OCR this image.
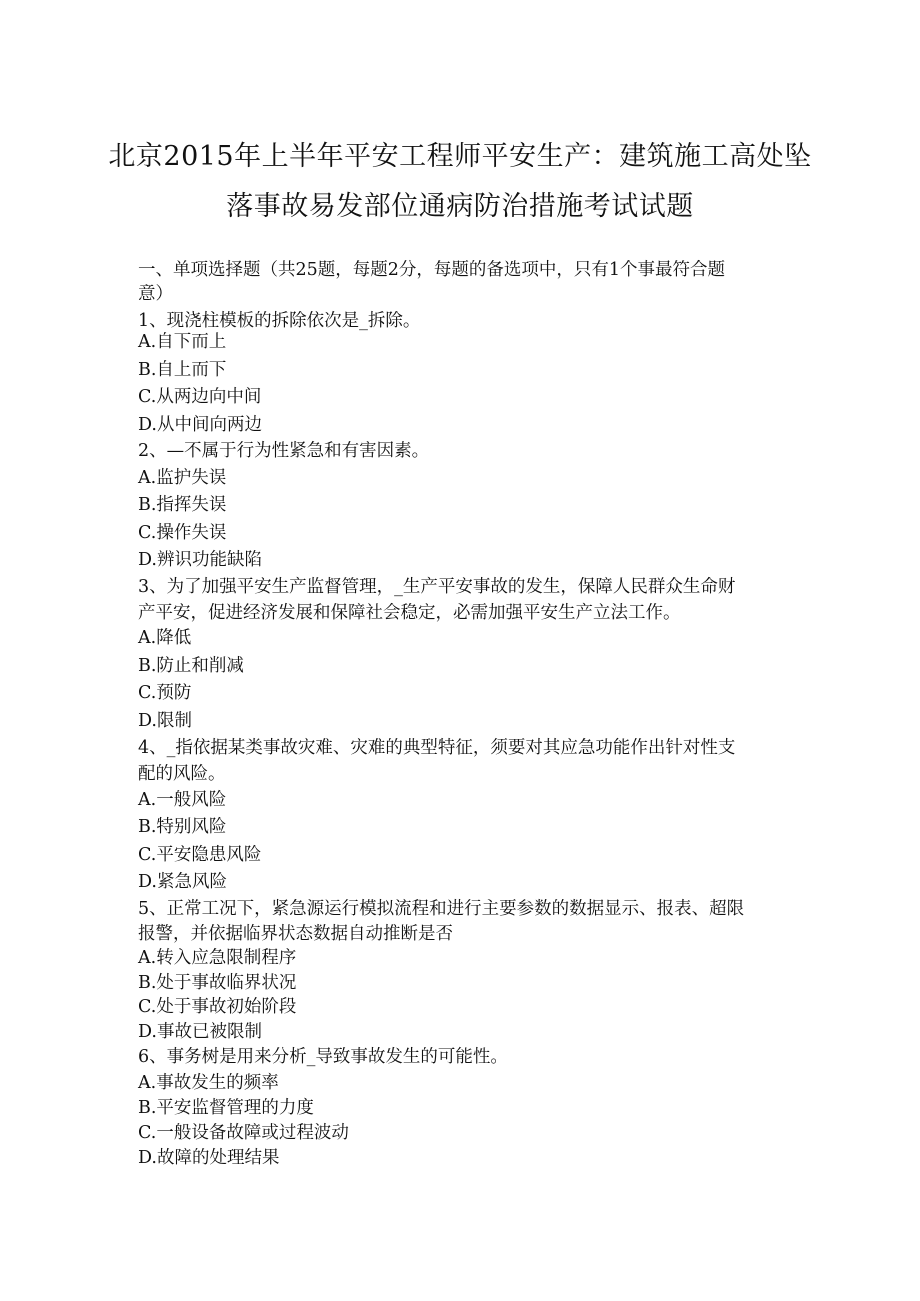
北京2015年上半年平安工程师平安生产：建筑施工高处坠
落事故易发部位通病防治措施考试试题
一、单项选择题（共25题，每题2分，每题的备选项中，只有1个事最符合题
意）
1、现浇柱模板的拆除依次是_拆除。
A.自下而上
B.自上而下
C.从两边向中间
D.从中间向两边
2、—不属于行为性紧急和有害因素。
A.监护失误
B.指挥失误
C.操作失误
D.辨识功能缺陷
3、为了加强平安生产监督管理，_生产平安事故的发生，保障人民群众生命财
产平安，促进经济发展和保障社会稳定，必需加强平安生产立法工作。
A.降低
B.防止和削减
C.预防
D.限制
4、_指依据某类事故灾难、灾难的典型特征，须要对其应急功能作出针对性支
配的风险。
A.一般风险
B.特别风险
C.平安隐患风险
D.紧急风险
5、正常工况下，紧急源运行模拟流程和进行主要参数的数据显示、报表、超限
报警，并依据临界状态数据自动推断是否
A.转入应急限制程序
B.处于事故临界状况
C.处于事故初始阶段
D.事故已被限制
6、事务树是用来分析_导致事故发生的可能性。
A.事故发生的频率
B.平安监督管理的力度
C.一般设备故障或过程波动
D.故障的处理结果
